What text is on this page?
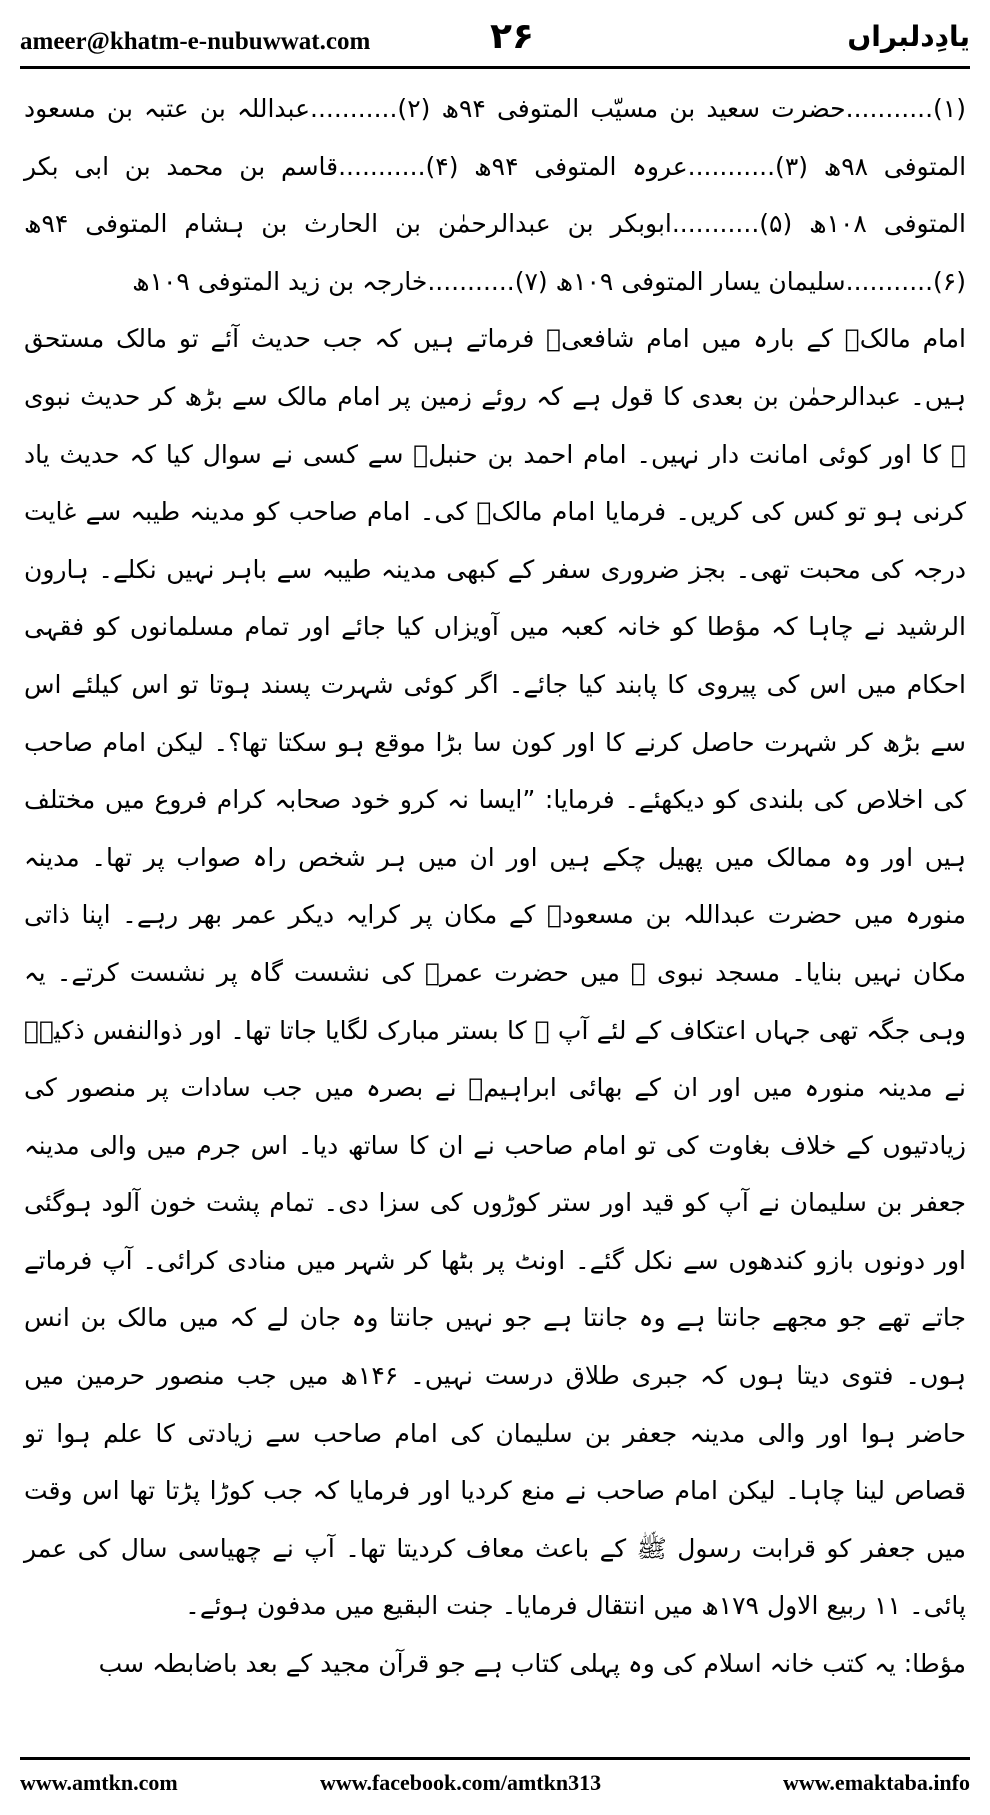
ameer@khatm-e-nubuwwat.com	۲۶	یادِدلبراں

(۱)...........حضرت سعید بن مسیّب المتوفی ۹۴ھ (۲)...........عبداللہ بن عتبہ بن مسعود المتوفی ۹۸ھ (۳)...........عروہ المتوفی ۹۴ھ (۴)...........قاسم بن محمد بن ابی بکر المتوفی ۱۰۸ھ (۵)...........ابوبکر بن عبدالرحمٰن بن الحارث بن ہشام المتوفی ۹۴ھ (۶)...........سلیمان یسار المتوفی ۱۰۹ھ (۷)...........خارجہ بن زید المتوفی ۱۰۹ھ

امام مالکؒ کے بارہ میں امام شافعیؒ فرماتے ہیں کہ جب حدیث آئے تو مالک مستحق ہیں۔ عبدالرحمٰن بن بعدی کا قول ہے کہ روئے زمین پر امام مالک سے بڑھ کر حدیث نبوی ﷺ کا اور کوئی امانت دار نہیں۔ امام احمد بن حنبلؒ سے کسی نے سوال کیا کہ حدیث یاد کرنی ہو تو کس کی کریں۔ فرمایا امام مالکؒ کی۔ امام صاحب کو مدینہ طیبہ سے غایت درجہ کی محبت تھی۔ بجز ضروری سفر کے کبھی مدینہ طیبہ سے باہر نہیں نکلے۔ ہارون الرشید نے چاہا کہ مؤطا کو خانہ کعبہ میں آویزاں کیا جائے اور تمام مسلمانوں کو فقہی احکام میں اس کی پیروی کا پابند کیا جائے۔ اگر کوئی شہرت پسند ہوتا تو اس کیلئے اس سے بڑھ کر شہرت حاصل کرنے کا اور کون سا بڑا موقع ہو سکتا تھا؟۔ لیکن امام صاحب کی اخلاص کی بلندی کو دیکھئے۔ فرمایا: ”ایسا نہ کرو خود صحابہ کرام فروع میں مختلف ہیں اور وہ ممالک میں پھیل چکے ہیں اور ان میں ہر شخص راہ صواب پر تھا۔ مدینہ منورہ میں حضرت عبداللہ بن مسعودؓ کے مکان پر کرایہ دیکر عمر بھر رہے۔ اپنا ذاتی مکان نہیں بنایا۔ مسجد نبوی ﷺ میں حضرت عمرؓ کی نشست گاہ پر نشست کرتے۔ یہ وہی جگہ تھی جہاں اعتکاف کے لئے آپ ﷺ کا بستر مبارک لگایا جاتا تھا۔ اور ذوالنفس ذکیہؒ نے مدینہ منورہ میں اور ان کے بھائی ابراہیمؒ نے بصرہ میں جب سادات پر منصور کی زیادتیوں کے خلاف بغاوت کی تو امام صاحب نے ان کا ساتھ دیا۔ اس جرم میں والی مدینہ جعفر بن سلیمان نے آپ کو قید اور ستر کوڑوں کی سزا دی۔ تمام پشت خون آلود ہوگئی اور دونوں بازو کندھوں سے نکل گئے۔ اونٹ پر بٹھا کر شہر میں منادی کرائی۔ آپ فرماتے جاتے تھے جو مجھے جانتا ہے وہ جانتا ہے جو نہیں جانتا وہ جان لے کہ میں مالک بن انس ہوں۔ فتوی دیتا ہوں کہ جبری طلاق درست نہیں۔ ۱۴۶ھ میں جب منصور حرمین میں حاضر ہوا اور والی مدینہ جعفر بن سلیمان کی امام صاحب سے زیادتی کا علم ہوا تو قصاص لینا چاہا۔ لیکن امام صاحب نے منع کردیا اور فرمایا کہ جب کوڑا پڑتا تھا اس وقت میں جعفر کو قرابت رسول ﷺ کے باعث معاف کردیتا تھا۔ آپ نے چھیاسی سال کی عمر پائی۔ ۱۱ ربیع الاول ۱۷۹ھ میں انتقال فرمایا۔ جنت البقیع میں مدفون ہوئے۔

مؤطا: یہ کتب خانہ اسلام کی وہ پہلی کتاب ہے جو قرآن مجید کے بعد باضابطہ سب

www.amtkn.com	www.facebook.com/amtkn313	www.emaktaba.info
